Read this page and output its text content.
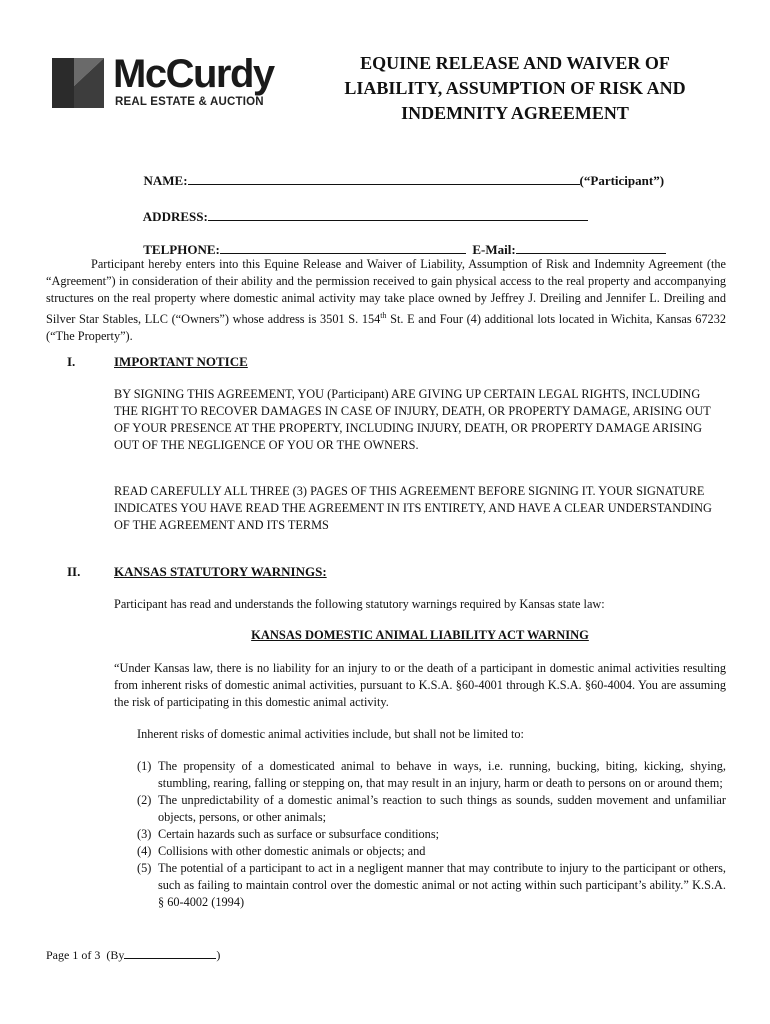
McCurdy
REAL ESTATE & AUCTION
EQUINE RELEASE AND WAIVER OF
LIABILITY, ASSUMPTION OF RISK AND
INDEMNITY AGREEMENT

NAME:	(“Participant”)

ADDRESS:

TELPHONE:	E-Mail:

Participant hereby enters into this Equine Release and Waiver of Liability, Assumption of Risk and Indemnity Agreement (the “Agreement”) in consideration of their ability and the permission received to gain physical access to the real property and accompanying structures on the real property where domestic animal activity may take place owned by Jeffrey J. Dreiling and Jennifer L. Dreiling and Silver Star Stables, LLC (“Owners”) whose address is 3501 S. 154th St. E and Four (4) additional lots located in Wichita, Kansas 67232 (“The Property”).
I.	IMPORTANT NOTICE
BY SIGNING THIS AGREEMENT, YOU (Participant) ARE GIVING UP CERTAIN LEGAL RIGHTS, INCLUDING THE RIGHT TO RECOVER DAMAGES IN CASE OF INJURY, DEATH, OR PROPERTY DAMAGE, ARISING OUT OF YOUR PRESENCE AT THE PROPERTY, INCLUDING INJURY, DEATH, OR PROPERTY DAMAGE ARISING OUT OF THE NEGLIGENCE OF YOU OR THE OWNERS.
READ CAREFULLY ALL THREE (3) PAGES OF THIS AGREEMENT BEFORE SIGNING IT. YOUR SIGNATURE INDICATES YOU HAVE READ THE AGREEMENT IN ITS ENTIRETY, AND HAVE A CLEAR UNDERSTANDING OF THE AGREEMENT AND ITS TERMS
II.	KANSAS STATUTORY WARNINGS:
Participant has read and understands the following statutory warnings required by Kansas state law:
KANSAS DOMESTIC ANIMAL LIABILITY ACT WARNING
“Under Kansas law, there is no liability for an injury to or the death of a participant in domestic animal activities resulting from inherent risks of domestic animal activities, pursuant to K.S.A. §60-4001 through K.S.A. §60-4004. You are assuming the risk of participating in this domestic animal activity.
Inherent risks of domestic animal activities include, but shall not be limited to:
(1) The propensity of a domesticated animal to behave in ways, i.e. running, bucking, biting, kicking, shying, stumbling, rearing, falling or stepping on, that may result in an injury, harm or death to persons on or around them;
(2) The unpredictability of a domestic animal’s reaction to such things as sounds, sudden movement and unfamiliar objects, persons, or other animals;
(3) Certain hazards such as surface or subsurface conditions;
(4) Collisions with other domestic animals or objects; and
(5) The potential of a participant to act in a negligent manner that may contribute to injury to the participant or others, such as failing to maintain control over the domestic animal or not acting within such participant’s ability.” K.S.A. § 60-4002 (1994)
Page 1 of 3 (By	)
